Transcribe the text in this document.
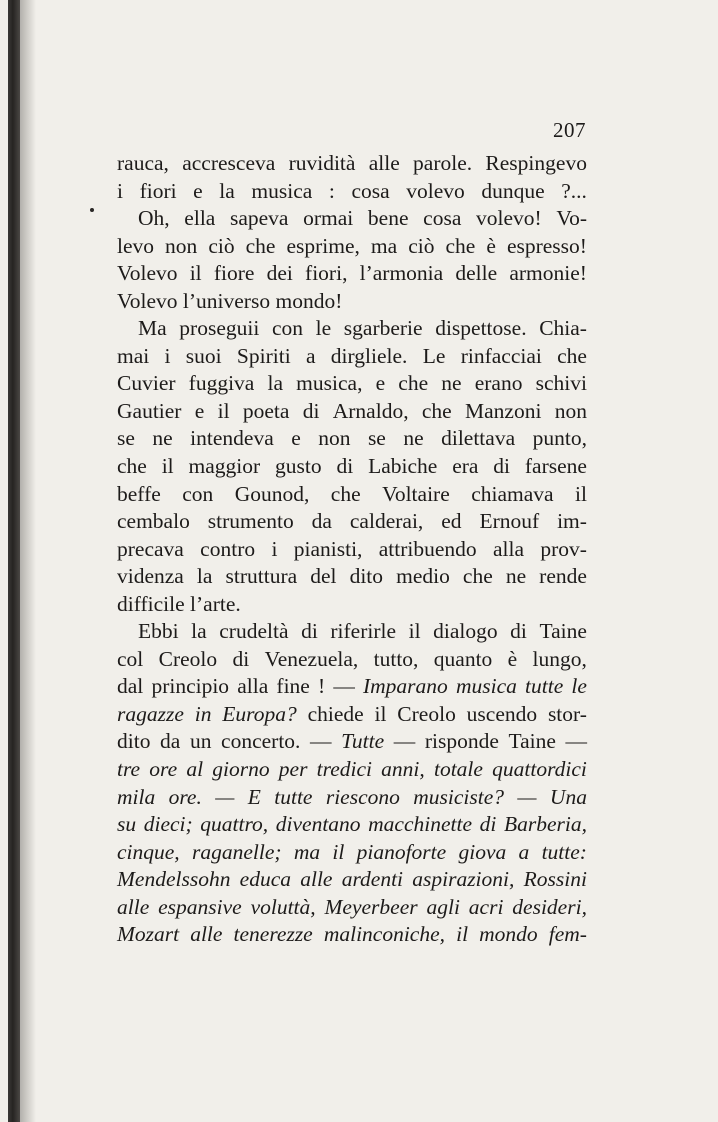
207
rauca, accresceva ruvidità alle parole. Respingevo
i fiori e la musica : cosa volevo dunque ?...
Oh, ella sapeva ormai bene cosa volevo! Vo-
levo non ciò che esprime, ma ciò che è espresso!
Volevo il fiore dei fiori, l’armonia delle armonie!
Volevo l’universo mondo!
Ma proseguii con le sgarberie dispettose. Chia-
mai i suoi Spiriti a dirgliele. Le rinfacciai che
Cuvier fuggiva la musica, e che ne erano schivi
Gautier e il poeta di Arnaldo, che Manzoni non
se ne intendeva e non se ne dilettava punto,
che il maggior gusto di Labiche era di farsene
beffe con Gounod, che Voltaire chiamava il
cembalo strumento da calderai, ed Ernouf im-
precava contro i pianisti, attribuendo alla prov-
videnza la struttura del dito medio che ne rende
difficile l’arte.
Ebbi la crudeltà di riferirle il dialogo di Taine
col Creolo di Venezuela, tutto, quanto è lungo,
dal principio alla fine ! — Imparano musica tutte le
ragazze in Europa? chiede il Creolo uscendo stor-
dito da un concerto. — Tutte — risponde Taine —
tre ore al giorno per tredici anni, totale quattordici
mila ore. — E tutte riescono musiciste? — Una
su dieci; quattro, diventano macchinette di Barberia,
cinque, raganelle; ma il pianoforte giova a tutte:
Mendelssohn educa alle ardenti aspirazioni, Rossini
alle espansive voluttà, Meyerbeer agli acri desideri,
Mozart alle tenerezze malinconiche, il mondo fem-
